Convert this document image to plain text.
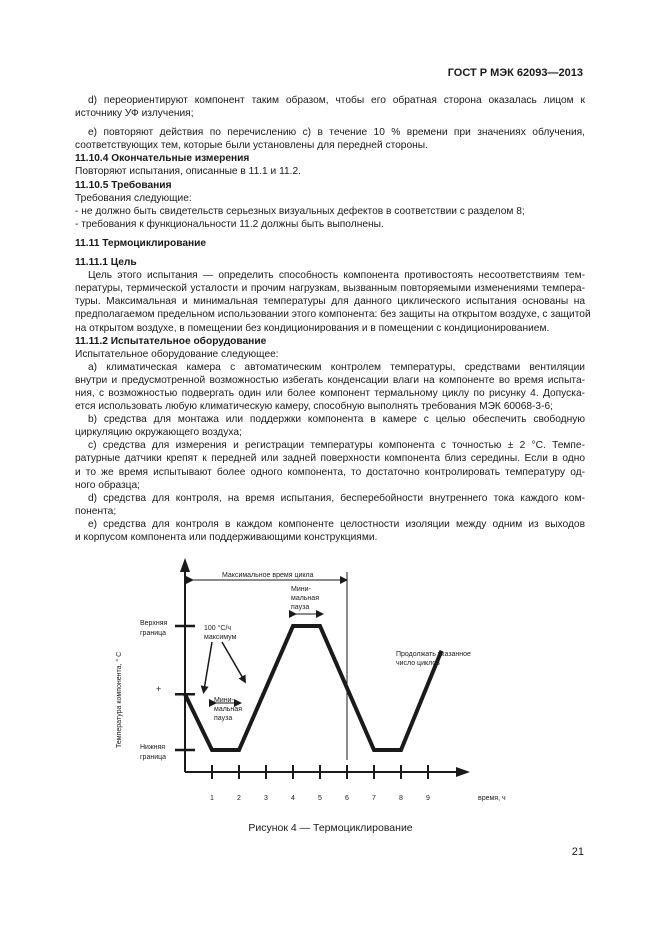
ГОСТ Р МЭК 62093—2013
d) переориентируют компонент таким образом, чтобы его обратная сторона оказалась лицом к
источнику УФ излучения;
е) повторяют действия по перечислению с) в течение 10 % времени при значениях облучения,
соответствующих тем, которые были установлены для передней стороны.
11.10.4 Окончательные измерения
Повторяют испытания, описанные в 11.1 и 11.2.
11.10.5 Требования
Требования следующие:
- не должно быть свидетельств серьезных визуальных дефектов в соответствии с разделом 8;
- требования к функциональности 11.2 должны быть выполнены.
11.11 Термоциклирование
11.11.1 Цель
Цель этого испытания — определить способность компонента противостоять несоответствиям тем-
пературы, термической усталости и прочим нагрузкам, вызванным повторяемыми изменениями темпера-
туры. Максимальная и минимальная температуры для данного циклического испытания основаны на
предполагаемом предельном использовании этого компонента: без защиты на открытом воздухе, с защитой
на открытом воздухе, в помещении без кондиционирования и в помещении с кондиционированием.
11.11.2 Испытательное оборудование
Испытательное оборудование следующее:
а) климатическая камера с автоматическим контролем температуры, средствами вентиляции
внутри и предусмотренной возможностью избегать конденсации влаги на компоненте во время испыта-
ния, с возможностью подвергать один или более компонент термальному циклу по рисунку 4. Допуска-
ется использовать любую климатическую камеру, способную выполнять требования МЭК 60068-3-6;
b) средства для монтажа или поддержки компонента в камере с целью обеспечить свободную
циркуляцию окружающего воздуха;
с) средства для измерения и регистрации температуры компонента с точностью ± 2 °С. Темпе-
ратурные датчики крепят к передней или задней поверхности компонента близ середины. Если в одно
и то же время испытывают более одного компонента, то достаточно контролировать температуру од-
ного образца;
d) средства для контроля, на время испытания, бесперебойности внутреннего тока каждого ком-
понента;
е) средства для контроля в каждом компоненте целостности изоляции между одним из выходов
и корпусом компонента или поддерживающими конструкциями.
1	2	3	4	5	6	7	8	9
Максимальное время цикла
Мини-
мальная
пауза
Мини-
мальная
пауза
100 °С/ч
максимум
Продолжать указанное
число циклов
Верхняя
граница
Нижняя
граница
+
Температура компонента, ° С
время, ч
Рисунок 4 — Термоциклирование
21
